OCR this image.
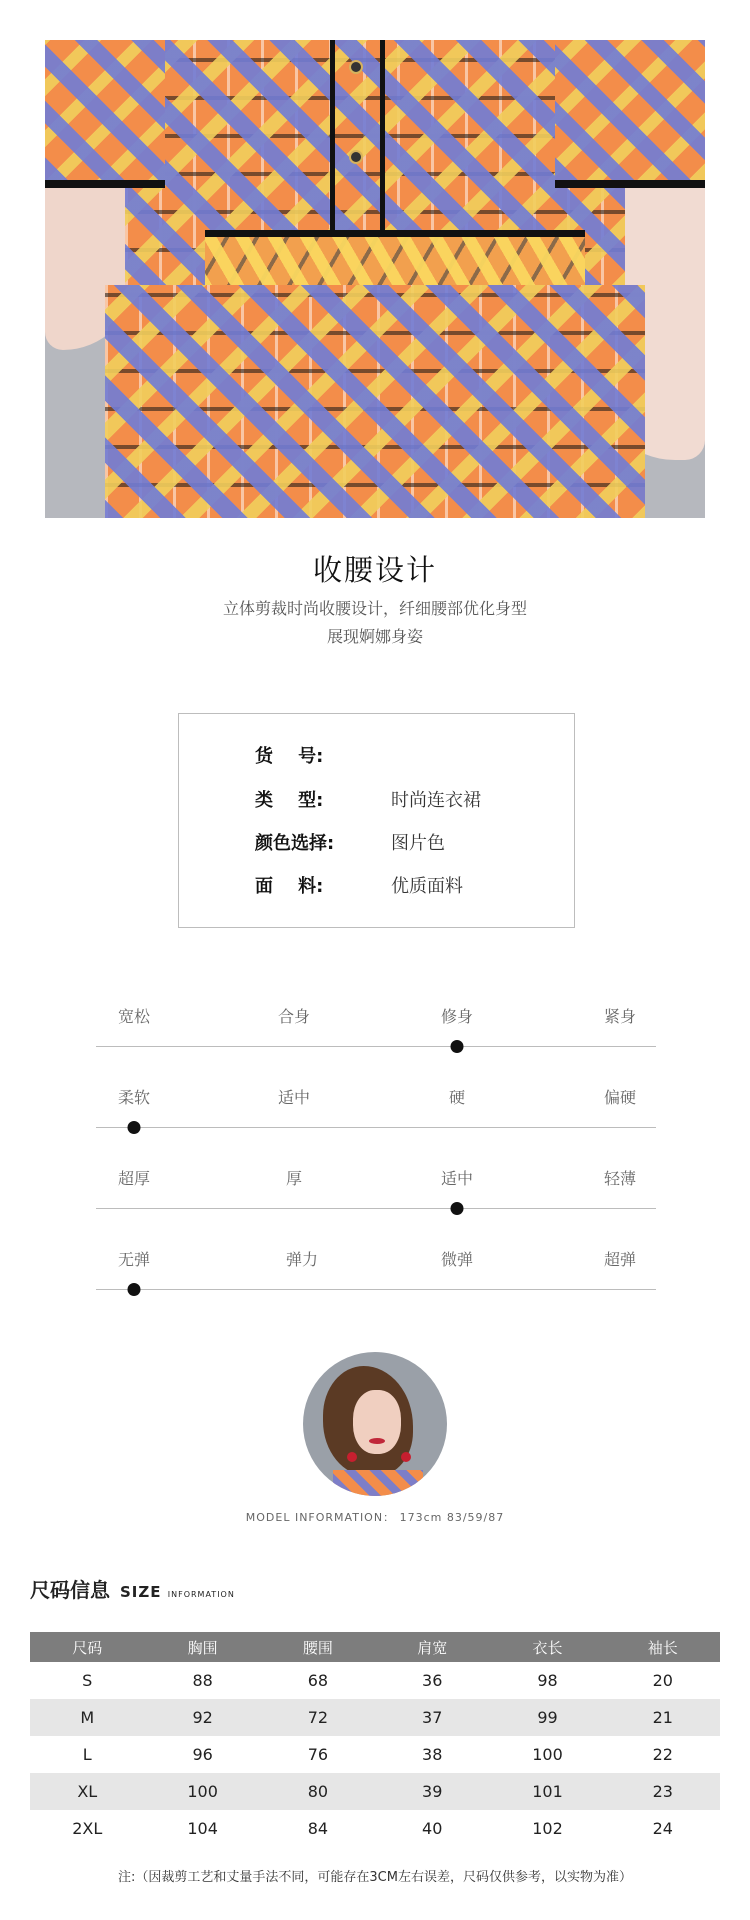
收腰设计
立体剪裁时尚收腰设计，纤细腰部优化身型
展现婀娜身姿
货    号:
类    型:	时尚连衣裙
颜色选择:	图片色
面    料:	优质面料
宽松	合身	修身	紧身
柔软	适中	硬	偏硬
超厚	厚	适中	轻薄
无弹	弹力	微弹	超弹
MODEL INFORMATION： 173cm 83/59/87
尺码信息 SIZE INFORMATION
尺码	胸围	腰围	肩宽	衣长	袖长
S	88	68	36	98	20
M	92	72	37	99	21
L	96	76	38	100	22
XL	100	80	39	101	23
2XL	104	84	40	102	24
注:（因裁剪工艺和丈量手法不同，可能存在3CM左右误差，尺码仅供参考，以实物为准）
